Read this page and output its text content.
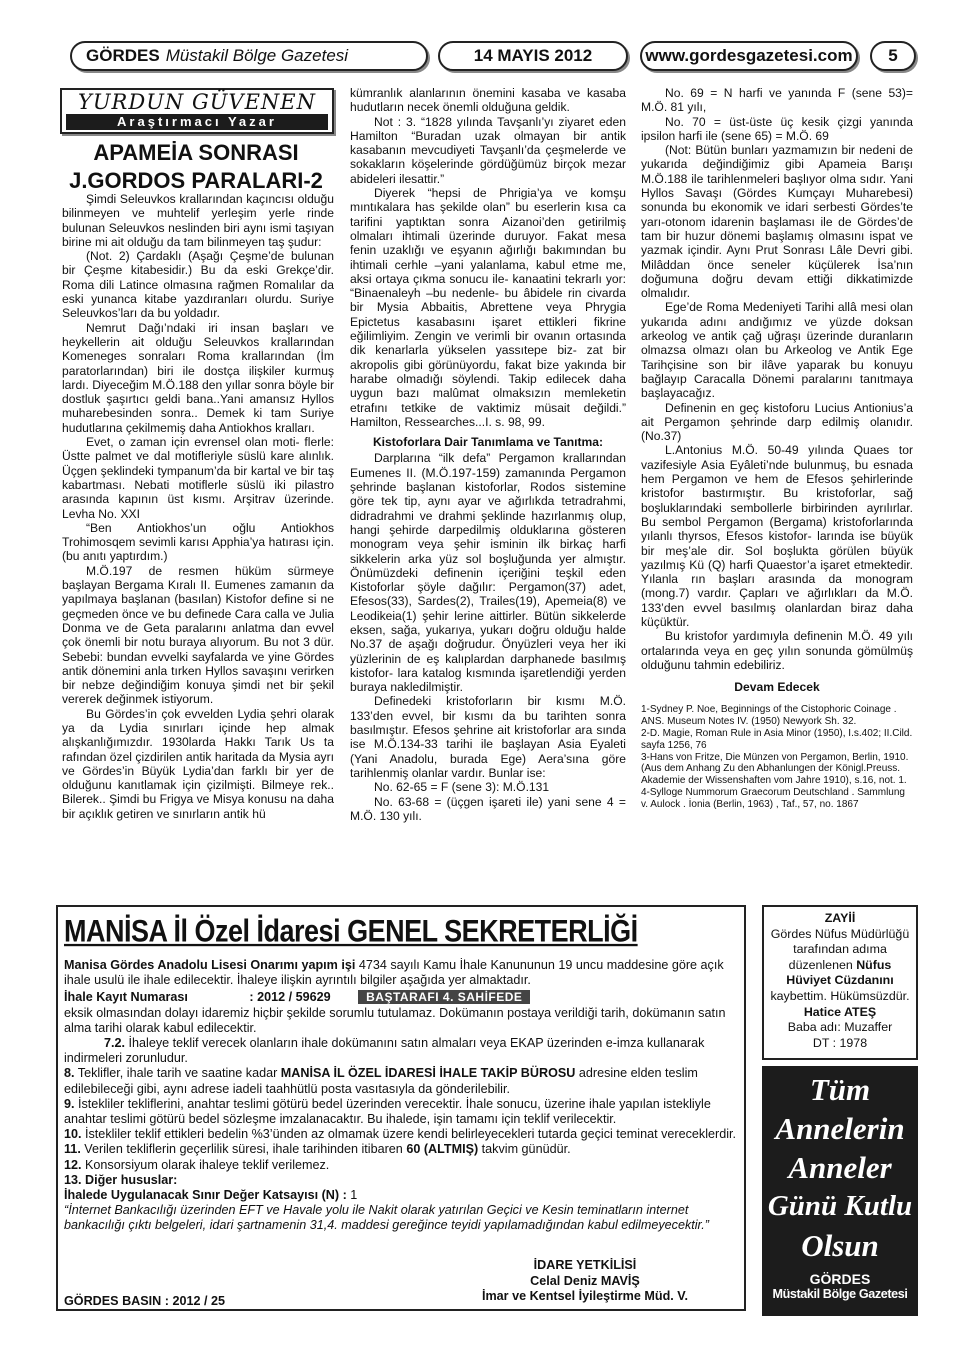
GÖRDES Müstakil Bölge Gazetesi	14 MAYIS 2012	www.gordesgazetesi.com 5
YURDUN GÜVENEN
Araştırmacı Yazar
APAMEİA SONRASI
J.GORDOS PARALARI-2

Şimdi Seleuvkos krallarından kaçıncısı olduğu bilinmeyen ve muhtelif yerleşim yerle rinde bulunan Seleuvkos neslinden biri aynı ismi taşıyan birine mi ait olduğu da tam bilinmeyen taş şudur:

(Not. 2) Çardaklı (Aşağı Çeşme’de bulunan bir Çeşme kitabesidir.) Bu da eski Grekçe’dir. Roma dili Latince olmasına rağmen Romalılar da eski yunanca kitabe yazdıranları olurdu. Suriye Seleuvkos’ları da bu yoldadır.

Nemrut Dağı’ndaki iri insan başları ve heykellerin ait olduğu Seleuvkos krallarından Komeneges sonraları Roma krallarından (İm paratorlarından) biri ile dostça ilişkiler kurmuş lardı. Diyeceğim M.Ö.188 den yıllar sonra böyle bir dostluk şaşırtıcı geldi bana..Yani amansız Hyllos muharebesinden sonra.. Demek ki tam Suriye hudutlarına çekilmemiş daha Antiokhos kralları.

Evet, o zaman için evrensel olan moti- flerle: Üstte palmet ve dal motifleriyle süslü kare alınlık. Üçgen şeklindeki tympanum’da bir kartal ve bir taş kabartması. Nebati motiflerle süslü iki pilastro arasında kapının üst kısmı. Arşitrav üzerinde. Levha No. XXI

“Ben Antiokhos’un oğlu Antiokhos Trohimosqem sevimli karısı Apphia’ya hatırası için. (bu anıtı yaptırdım.)

M.Ö.197 de resmen hüküm sürmeye başlayan Bergama Kıralı II. Eumenes zamanın da yapılmaya başlanan (basılan) Kistofor define si ne geçmeden önce ve bu definede Cara calla ve Julia Donma ve de Geta paralarını anlatma dan evvel çok önemli bir notu buraya alıyorum. Bu not 3 dür. Sebebi: bundan evvelki sayfalarda ve yine Gördes antik dönemini anla tırken Hyllos savaşını verirken bir nebze değindiğim konuya şimdi net bir şekil vererek değinmek istiyorum.

Bu Gördes’in çok evvelden Lydia şehri olarak ya da Lydia sınırları içinde hep almak alışkanlığımızdır. 1930larda Hakkı Tarık Us ta rafından özel çizdirilen antik haritada da Mysia ayrı ve Gördes’in Büyük Lydia’dan farklı bir yer de olduğunu kanıtlamak için çizilmişti. Bilmeye rek.. Bilerek.. Şimdi bu Frigya ve Misya konusu na daha bir açıklık getiren ve sınırların antik hü

kümranlık alanlarının önemini kasaba ve kasaba hudutların necek önemli olduğuna geldik.

Not : 3. “1828 yılında Tavşanlı’yı ziyaret eden Hamilton “Buradan uzak olmayan bir antik kasabanın mevcudiyeti Tavşanlı’da çeşmelerde ve sokakların köşelerinde gördüğümüz birçok mezar abideleri ilesattir.”

Diyerek “hepsi de Phrigia’ya ve komşu mıntıkalara has şekilde olan” bu eserlerin kısa ca tarifini yaptıktan sonra Aizanoi’den getirilmiş olmaları ihtimali üzerinde duruyor. Fakat mesa fenin uzaklığı ve eşyanın ağırlığı bakımından bu ihtimali cerhle –yani yalanlama, kabul etme me, aksi ortaya çıkma sonucu ile- kanaatini tekrarlı yor: “Binaenaleyh –bu nedenle- bu âbidele rin civarda bir Mysia Abbaitis, Abrettene veya Phrygia Epictetus kasabasını işaret ettikleri fikrine eğilimliyim. Zengin ve verimli bir ovanın ortasında dik kenarlarla yükselen yassıtepe biz- zat bir akropolis gibi görünüyordu, fakat bize yakında bir harabe olmadığı söylendi. Takip edilecek daha uygun bazı malûmat olmaksızın memleketin etrafını tetkike de vaktimiz müsait değildi.” Hamilton, Ressearches...I. s. 98, 99.

Kistoforlara Dair Tanımlama ve Tanıtma:

Darplarına “ilk defa” Pergamon krallarından Eumenes II. (M.Ö.197-159) zamanında Pergamon şehrinde başlanan kistoforlar, Rodos sistemine göre tek tip, aynı ayar ve ağırlıkda tetradrahmi, didradrahmi ve drahmi şeklinde hazırlanmış olup, hangi şehirde darpedilmiş olduklarına gösteren monogram veya şehir isminin ilk birkaç harfi sikkelerin arka yüz sol boşluğunda yer almıştır. Önümüzdeki definenin içeriğini teşkil eden Kistoforlar şöyle dağılır: Pergamon(37) adet, Efesos(33), Sardes(2), Trailes(19), Apemeia(8) ve Leodikeia(1) şehir lerine aittirler. Bütün sikkelerde eksen, sağa, yukarıya, yukarı doğru olduğu halde No.37 de aşağı doğrudur. Önyüzleri veya her iki yüzlerinin de eş kalıplardan darphanede basılmış kistofor- lara katalog kısmında işaretlendiği yerden buraya nakledilmiştir.

Definedeki kristoforların bir kısmı M.Ö. 133’den evvel, bir kısmı da bu tarihten sonra basılmıştır. Efesos şehrine ait kristoforlar ara sında ise M.Ö.134-33 tarihi ile başlayan Asia Eyaleti (Yani Anadolu, burada Ege) Aera’sına göre tarihlenmiş olanlar vardır. Bunlar ise:

No. 62-65 = F (sene 3): M.Ö.131

No. 63-68 = (üçgen işareti ile) yani sene 4 = M.Ö. 130 yılı.

No. 69 = N harfi ve yanında F (sene 53)= M.Ö. 81 yılı,

No. 70 = üst-üste üç kesik çizgi yanında ipsilon harfi ile (sene 65) = M.Ö. 69

(Not: Bütün bunları yazmamızın bir nedeni de yukarıda değindiğimiz gibi Apameia Barışı M.Ö.188 ile tarihlenmeleri başlıyor olma sıdır. Yani Hyllos Savaşı (Gördes Kumçayı Muharebesi) sonunda bu ekonomik ve idari serbesti Gördes’te yarı-otonom idarenin başlaması ile de Gördes’de tam bir huzur dönemi başlamış olmasını ispat ve yazmak içindir. Aynı Prut Sonrası Lâle Devri gibi. Milâddan önce seneler küçülerek İsa’nın doğumuna doğru devam ettiği dikkatimizde olmalıdır.

Ege’de Roma Medeniyeti Tarihi allâ mesi olan yukarıda adını andığımız ve yüzde doksan arkeolog ve antik çağ uğraşı üzerinde duranların olmazsa olmazı olan bu Arkeolog ve Antik Ege Tarihçisine son bir ilâve yaparak bu konuyu bağlayıp Caracalla Dönemi paralarını tanıtmaya başlayacağız.

Definenin en geç kistoforu Lucius Antionius’a ait Pergamon şehrinde darp edilmiş olanıdır. (No.37)

L.Antonius M.Ö. 50-49 yılında Quaes tor vazifesiyle Asia Eyâleti’nde bulunmuş, bu esnada hem Pergamon ve hem de Efesos şehirlerinde kristofor bastırmıştır. Bu kristoforlar, sağ boşluklarındaki sembollerle birbirinden ayrılırlar. Bu sembol Pergamon (Bergama) kristoforlarında yılanlı thyrsos, Efesos kistofor- larında ise büyük bir meş’ale dir. Sol boşlukta görülen büyük yazılmış Kü (Q) harfi Quaestor’a işaret etmektedir. Yılanla rın başları arasında da monogram (mong.7) vardır. Çapları ve ağırlıkları da M.Ö. 133’den evvel basılmış olanlardan biraz daha küçüktür.

Bu kristofor yardımıyla definenin M.Ö. 49 yılı ortalarında veya en geç yılın sonunda gömülmüş olduğunu tahmin edebiliriz.

Devam Edecek

1-Sydney P. Noe, Beginnings of the Cistophoric Coinage . ANS. Museum Notes IV. (1950) Newyork Sh. 32.

2-D. Magie, Roman Rule in Asia Minor (1950), I.s.402; II.Cild. sayfa 1256, 76

3-Hans von Fritze, Die Münzen von Pergamon, Berlin, 1910. (Aus dem Anhang Zu den Abhanlungen der Königl.Preuss. Akademie der Wissenshaften vom Jahre 1910), s.16, not. 1.

4-Sylloge Nummorum Graecorum Deutschland . Sammlung v. Aulock . İonia (Berlin, 1963) , Taf., 57, no. 1867

MANİSA İl Özel İdaresi GENEL SEKRETERLİĞİ

Manisa Gördes Anadolu Lisesi Onarımı yapım işi 4734 sayılı Kamu İhale Kanununun 19 uncu maddesine göre açık ihale usulü ile ihale edilecektir. İhaleye ilişkin ayrıntılı bilgiler aşağıda yer almaktadır.

İhale Kayıt Numarası	: 2012 / 59629	BAŞTARAFI 4. SAHİFEDE

eksik olmasından dolayı idaremiz hiçbir şekilde sorumlu tutulamaz. Dokümanın postaya verildiği tarih, dokümanın satın alma tarihi olarak kabul edilecektir.

7.2. İhaleye teklif verecek olanların ihale dokümanını satın almaları veya EKAP üzerinden e-imza kullanarak indirmeleri zorunludur.

8. Teklifler, ihale tarih ve saatine kadar MANİSA İL ÖZEL İDARESİ İHALE TAKİP BÜROSU adresine elden teslim edilebileceği gibi, aynı adrese iadeli taahhütlü posta vasıtasıyla da gönderilebilir.

9. İstekliler tekliflerini, anahtar teslimi götürü bedel üzerinden verecektir. İhale sonucu, üzerine ihale yapılan istekliyle anahtar teslimi götürü bedel sözleşme imzalanacaktır. Bu ihalede, işin tamamı için teklif verilecektir.

10. İstekliler teklif ettikleri bedelin %3’ünden az olmamak üzere kendi belirleyecekleri tutarda geçici teminat vereceklerdir.

11. Verilen tekliflerin geçerlilik süresi, ihale tarihinden itibaren 60 (ALTMIŞ) takvim günüdür.

12. Konsorsiyum olarak ihaleye teklif verilemez.

13. Diğer hususlar:

İhalede Uygulanacak Sınır Değer Katsayısı (N) : 1

“İnternet Bankacılığı üzerinden EFT ve Havale yolu ile Nakit olarak yatırılan Geçici ve Kesin teminatların internet bankacılığı çıktı belgeleri, idari şartnamenin 31,4. maddesi gereğince teyidi yapılamadığından kabul edilmeyecektir.”

İDARE YETKİLİSİ
Celal Deniz MAVİŞ
İmar ve Kentsel İyileştirme Müd. V.
GÖRDES BASIN : 2012 / 25
ZAYİİ
Gördes Nüfus Müdürlüğü tarafından adıma düzenlenen Nüfus Hüviyet Cüzdanını kaybettim. Hükümsüzdür.
Hatice ATEŞ
Baba adı: Muzaffer
DT : 1978
Tüm
Annelerin
Anneler
Günü Kutlu
Olsun
GÖRDES
Müstakil Bölge Gazetesi
